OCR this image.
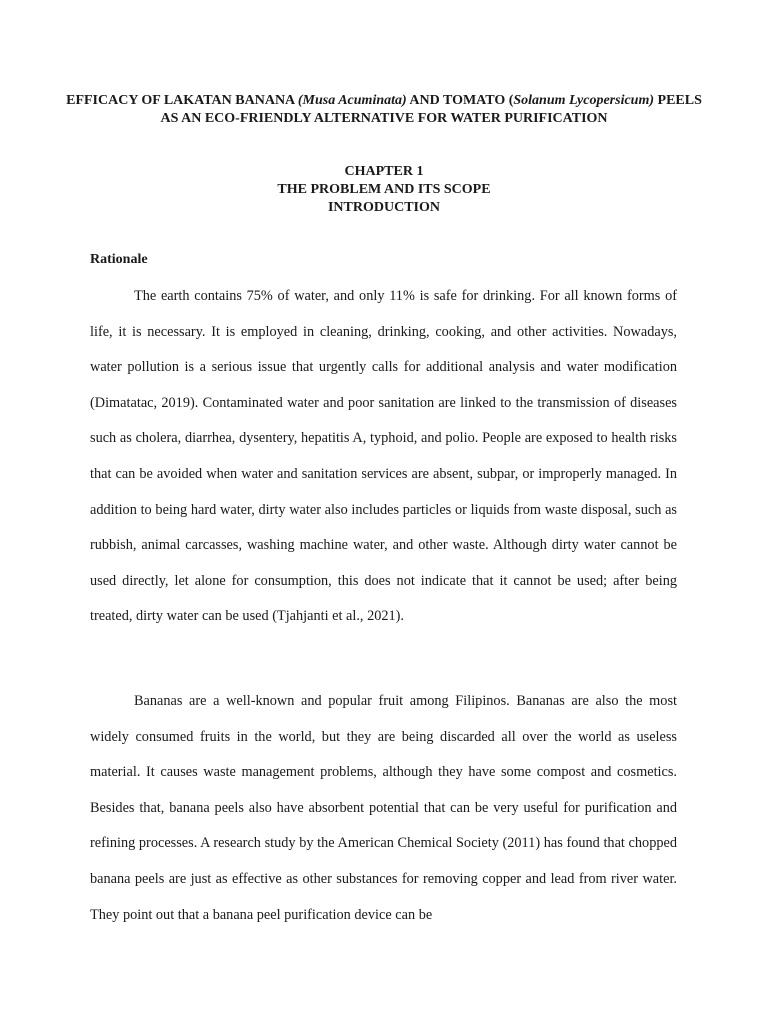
EFFICACY OF LAKATAN BANANA (Musa Acuminata) AND TOMATO (Solanum Lycopersicum) PEELS AS AN ECO-FRIENDLY ALTERNATIVE FOR WATER PURIFICATION
CHAPTER 1
THE PROBLEM AND ITS SCOPE
INTRODUCTION
Rationale

The earth contains 75% of water, and only 11% is safe for drinking. For all known forms of life, it is necessary. It is employed in cleaning, drinking, cooking, and other activities. Nowadays, water pollution is a serious issue that urgently calls for additional analysis and water modification (Dimatatac, 2019). Contaminated water and poor sanitation are linked to the transmission of diseases such as cholera, diarrhea, dysentery, hepatitis A, typhoid, and polio. People are exposed to health risks that can be avoided when water and sanitation services are absent, subpar, or improperly managed. In addition to being hard water, dirty water also includes particles or liquids from waste disposal, such as rubbish, animal carcasses, washing machine water, and other waste. Although dirty water cannot be used directly, let alone for consumption, this does not indicate that it cannot be used; after being treated, dirty water can be used (Tjahjanti et al., 2021).

Bananas are a well-known and popular fruit among Filipinos. Bananas are also the most widely consumed fruits in the world, but they are being discarded all over the world as useless material. It causes waste management problems, although they have some compost and cosmetics. Besides that, banana peels also have absorbent potential that can be very useful for purification and refining processes. A research study by the American Chemical Society (2011) has found that chopped banana peels are just as effective as other substances for removing copper and lead from river water. They point out that a banana peel purification device can be
